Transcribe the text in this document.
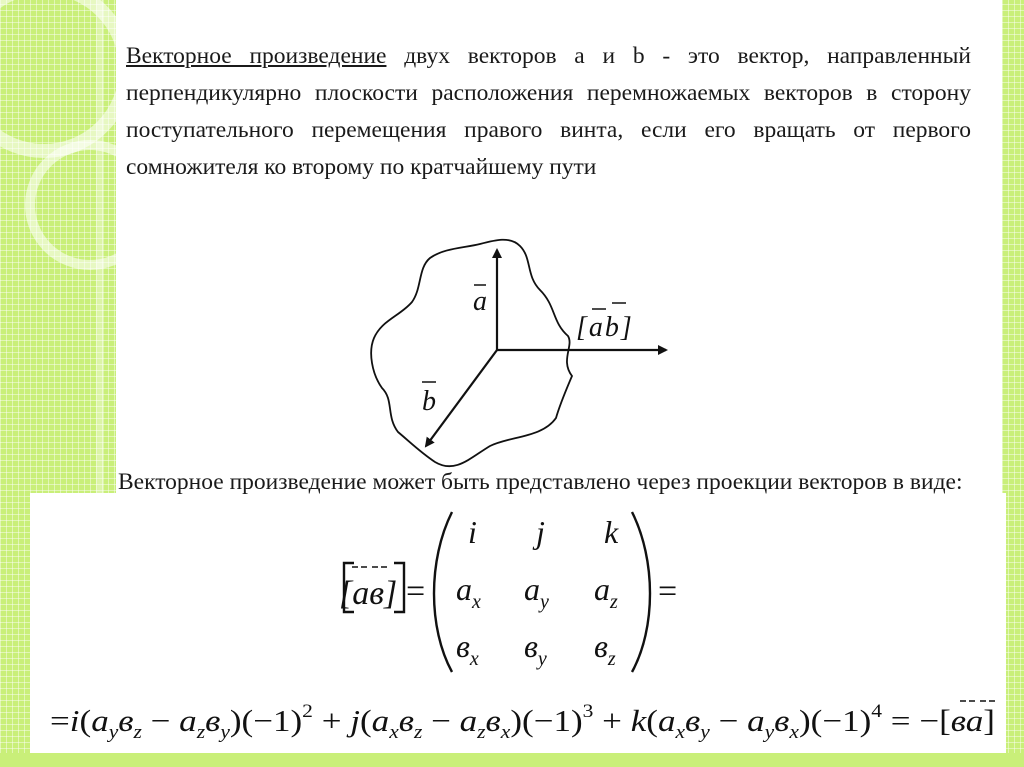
Векторное произведение двух векторов a и b - это вектор, направленный перпендикулярно плоскости расположения перемножаемых векторов в сторону поступательного перемещения правого винта, если его вращать от первого сомножителя ко второму по кратчайшему пути
a
b
[ab]
Векторное произведение может быть представлено через проекции векторов в виде:
[ав] =
i j k
$a_x$ $a_y$ $a_z$
$в_x$ $в_y$ $в_z$
=
=i(a $_yв_z - a$ $_zв_y)(-1)$ $^2$ + j(a $_xв_z - a$ $_zв_x)(-1)$ $^3$ + k(a $_xв_y - a$ $_yв_x)(-1)$ $^4$ = −[ ва ]
